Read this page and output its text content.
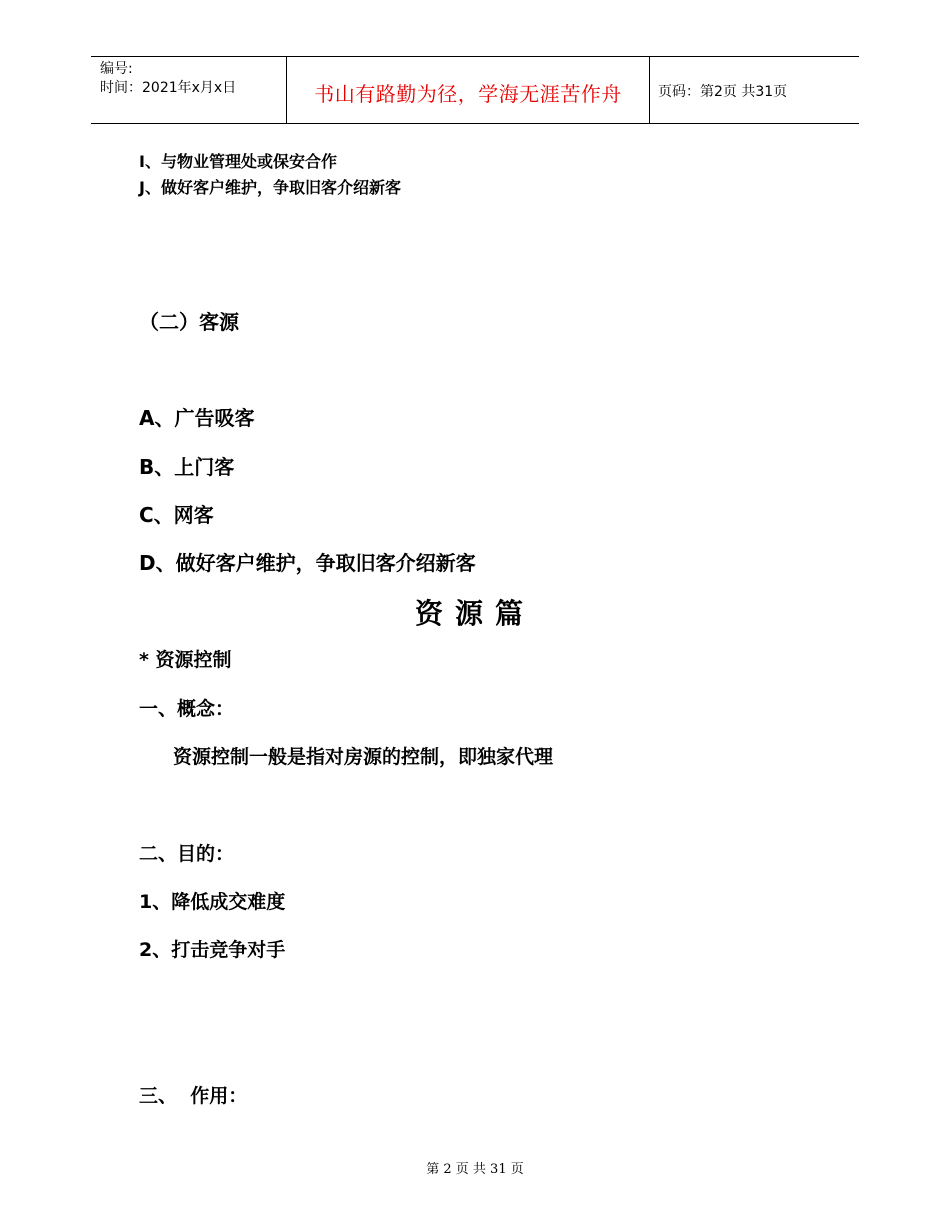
编号:
时间：2021年x月x日	书山有路勤为径，学海无涯苦作舟	页码：第2页 共31页
I、与物业管理处或保安合作
J、做好客户维护，争取旧客介绍新客
（二）客源
A、广告吸客
B、上门客
C、网客
D、做好客户维护，争取旧客介绍新客
资源篇
* 资源控制
一、概念：
资源控制一般是指对房源的控制，即独家代理
二、目的：
1、降低成交难度
2、打击竞争对手
三、  作用：
第 2 页 共 31 页
